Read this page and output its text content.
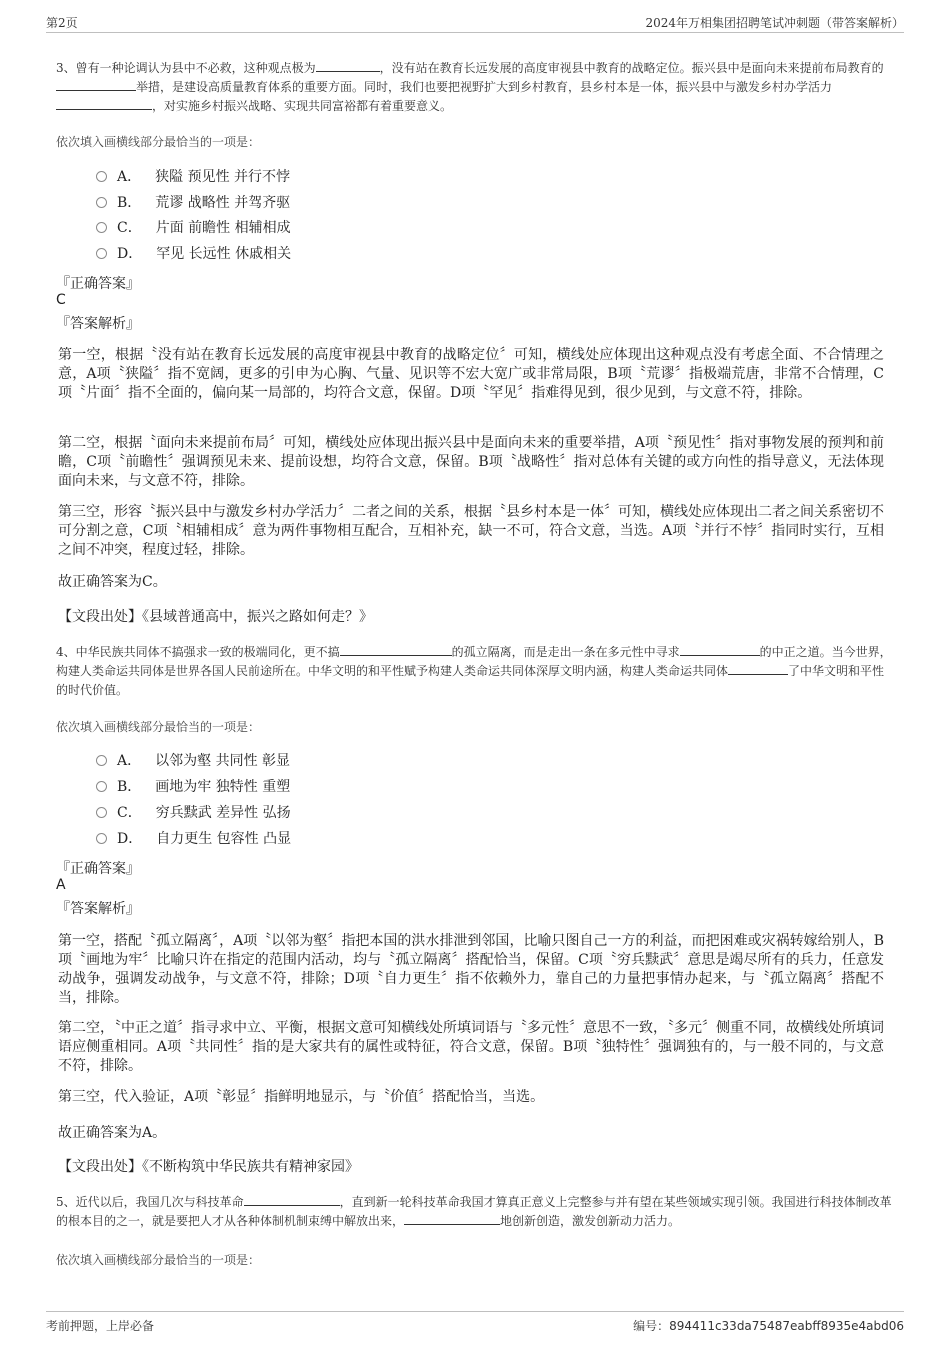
第2页	2024年万相集团招聘笔试冲刺题（带答案解析）
3、曾有一种论调认为县中不必救，这种观点极为	，没有站在教育长远发展的高度审视县中教育的战略定位。振兴县中是面向未来提前布局教育的举措，是建设高质量教育体系的重要方面。同时，我们也要把视野扩大到乡村教育，县乡村本是一体，振兴县中与激发乡村办学活力，对实施乡村振兴战略、实现共同富裕都有着重要意义。
依次填入画横线部分最恰当的一项是：
A． 狭隘 预见性 并行不悖
B． 荒谬 战略性 并驾齐驱
C． 片面 前瞻性 相辅相成
D． 罕见 长远性 休戚相关
『正确答案』
C
『答案解析』
第一空，根据〝没有站在教育长远发展的高度审视县中教育的战略定位〞可知，横线处应体现出这种观点没有考虑全面、不合情理之意，A项〝狭隘〞指不宽阔，更多的引申为心胸、气量、见识等不宏大宽广或非常局限，B项〝荒谬〞指极端荒唐，非常不合情理，C项〝片面〞指不全面的，偏向某一局部的，均符合文意，保留。D项〝罕见〞指难得见到，很少见到，与文意不符，排除。
第二空，根据〝面向未来提前布局〞可知，横线处应体现出振兴县中是面向未来的重要举措，A项〝预见性〞指对事物发展的预判和前瞻，C项〝前瞻性〞强调预见未来、提前设想，均符合文意，保留。B项〝战略性〞指对总体有关键的或方向性的指导意义，无法体现面向未来，与文意不符，排除。
第三空，形容〝振兴县中与激发乡村办学活力〞二者之间的关系，根据〝县乡村本是一体〞可知，横线处应体现出二者之间关系密切不可分割之意，C项〝相辅相成〞意为两件事物相互配合，互相补充，缺一不可，符合文意，当选。A项〝并行不悖〞指同时实行，互相之间不冲突，程度过轻，排除。
故正确答案为C。
【文段出处】《县域普通高中，振兴之路如何走？》
4、中华民族共同体不搞强求一致的极端同化，更不搞	的孤立隔离，而是走出一条在多元性中寻求	的中正之道。当今世界，构建人类命运共同体是世界各国人民前途所在。中华文明的和平性赋予构建人类命运共同体深厚文明内涵，构建人类命运共同体	了中华文明和平性的时代价值。
依次填入画横线部分最恰当的一项是：
A． 以邻为壑 共同性 彰显
B． 画地为牢 独特性 重塑
C． 穷兵黩武 差异性 弘扬
D． 自力更生 包容性 凸显
『正确答案』
A
『答案解析』
第一空，搭配〝孤立隔离〞，A项〝以邻为壑〞指把本国的洪水排泄到邻国，比喻只图自己一方的利益，而把困难或灾祸转嫁给别人，B项〝画地为牢〞比喻只许在指定的范围内活动，均与〝孤立隔离〞搭配恰当，保留。C项〝穷兵黩武〞意思是竭尽所有的兵力，任意发动战争，强调发动战争，与文意不符，排除；D项〝自力更生〞指不依赖外力，靠自己的力量把事情办起来，与〝孤立隔离〞搭配不当，排除。
第二空，〝中正之道〞指寻求中立、平衡，根据文意可知横线处所填词语与〝多元性〞意思不一致，〝多元〞侧重不同，故横线处所填词语应侧重相同。A项〝共同性〞指的是大家共有的属性或特征，符合文意，保留。B项〝独特性〞强调独有的，与一般不同的，与文意不符，排除。
第三空，代入验证，A项〝彰显〞指鲜明地显示，与〝价值〞搭配恰当，当选。
故正确答案为A。
【文段出处】《不断构筑中华民族共有精神家园》
5、近代以后，我国几次与科技革命	，直到新一轮科技革命我国才算真正意义上完整参与并有望在某些领域实现引领。我国进行科技体制改革的根本目的之一，就是要把人才从各种体制机制束缚中解放出来，	地创新创造，激发创新动力活力。
依次填入画横线部分最恰当的一项是：
考前押题，上岸必备	编号：894411c33da75487eabff8935e4abd06
